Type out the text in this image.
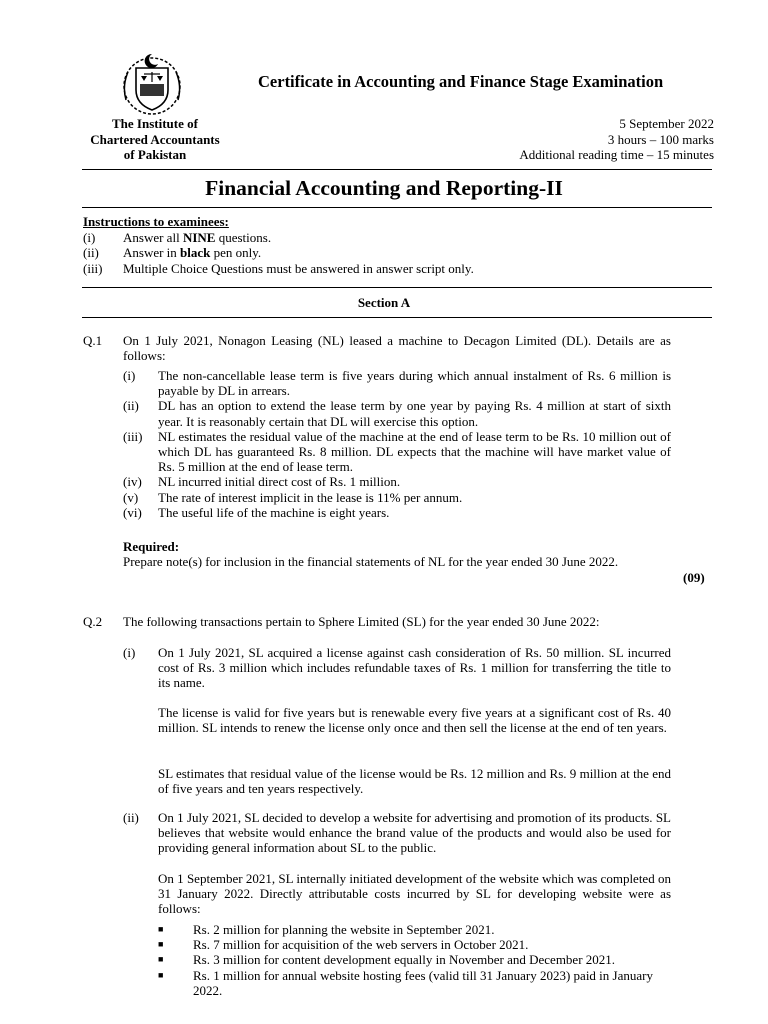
Certificate in Accounting and Finance Stage Examination
The Institute of
Chartered Accountants
of Pakistan
5 September 2022
3 hours – 100 marks
Additional reading time – 15 minutes
Financial Accounting and Reporting-II
Instructions to examinees:
(i)	Answer all NINE questions.
(ii)	Answer in black pen only.
(iii)	Multiple Choice Questions must be answered in answer script only.
Section A
Q.1 On 1 July 2021, Nonagon Leasing (NL) leased a machine to Decagon Limited (DL). Details are as follows:
(i)	The non-cancellable lease term is five years during which annual instalment of Rs. 6 million is payable by DL in arrears.
(ii)	DL has an option to extend the lease term by one year by paying Rs. 4 million at start of sixth year. It is reasonably certain that DL will exercise this option.
(iii)	NL estimates the residual value of the machine at the end of lease term to be Rs. 10 million out of which DL has guaranteed Rs. 8 million. DL expects that the machine will have market value of Rs. 5 million at the end of lease term.
(iv)	NL incurred initial direct cost of Rs. 1 million.
(v)	The rate of interest implicit in the lease is 11% per annum.
(vi)	The useful life of the machine is eight years.
Required:
Prepare note(s) for inclusion in the financial statements of NL for the year ended 30 June 2022.
(09)
Q.2 The following transactions pertain to Sphere Limited (SL) for the year ended 30 June 2022:
(i) On 1 July 2021, SL acquired a license against cash consideration of Rs. 50 million. SL incurred cost of Rs. 3 million which includes refundable taxes of Rs. 1 million for transferring the title to its name.
The license is valid for five years but is renewable every five years at a significant cost of Rs. 40 million. SL intends to renew the license only once and then sell the license at the end of ten years.
SL estimates that residual value of the license would be Rs. 12 million and Rs. 9 million at the end of five years and ten years respectively.
(ii) On 1 July 2021, SL decided to develop a website for advertising and promotion of its products. SL believes that website would enhance the brand value of the products and would also be used for providing general information about SL to the public.
On 1 September 2021, SL internally initiated development of the website which was completed on 31 January 2022. Directly attributable costs incurred by SL for developing website were as follows:
■	Rs. 2 million for planning the website in September 2021.
■	Rs. 7 million for acquisition of the web servers in October 2021.
■	Rs. 3 million for content development equally in November and December 2021.
■	Rs. 1 million for annual website hosting fees (valid till 31 January 2023) paid in January 2022.
